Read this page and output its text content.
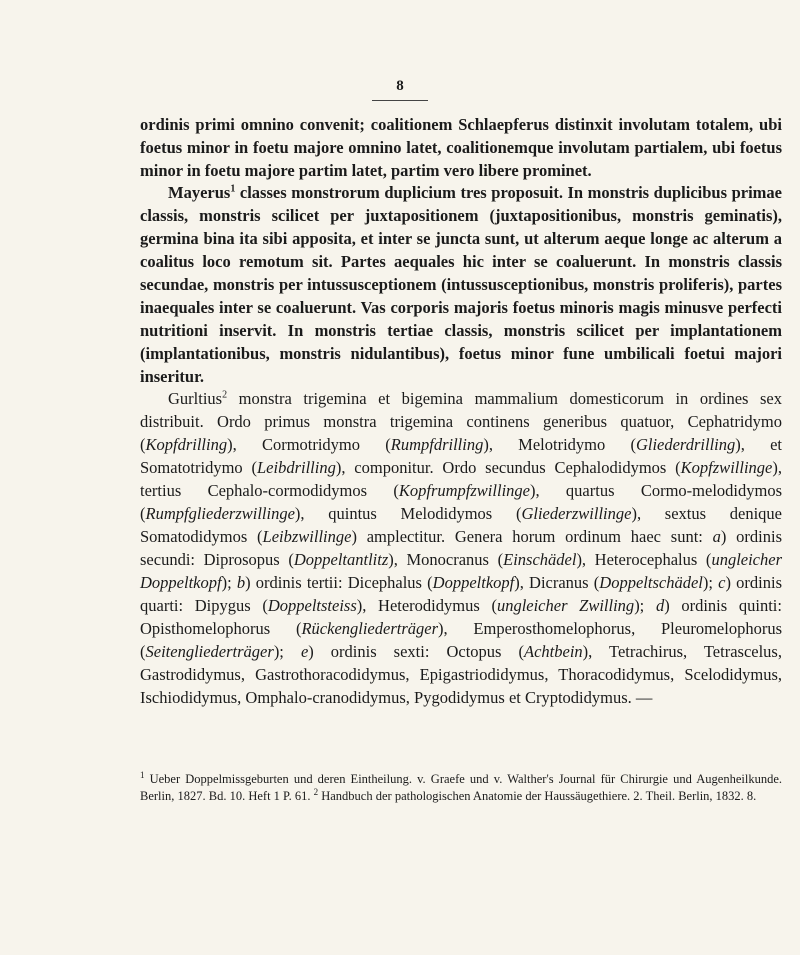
8
ordinis primi omnino convenit; coalitionem Schlaepferus distinxit involutam totalem, ubi foetus minor in foetu majore omnino latet, coalitionemque involutam partialem, ubi foetus minor in foetu majore partim latet, partim vero libere prominet.
Mayerus$^1$ classes monstrorum duplicium tres proposuit. In monstris duplicibus primae classis, monstris scilicet per juxtapositionem (juxtapositionibus, monstris geminatis), germina bina ita sibi apposita, et inter se juncta sunt, ut alterum aeque longe ac alterum a coalitus loco remotum sit. Partes aequales hic inter se coaluerunt. In monstris classis secundae, monstris per intussusceptionem (intussusceptionibus, monstris proliferis), partes inaequales inter se coaluerunt. Vas corporis majoris foetus minoris magis minusve perfecti nutritioni inservit. In monstris tertiae classis, monstris scilicet per implantationem (implantationibus, monstris nidulantibus), foetus minor fune umbilicali foetui majori inseritur.
Gurltius$^2$ monstra trigemina et bigemina mammalium domesticorum in ordines sex distribuit. Ordo primus monstra trigemina continens generibus quatuor, Cephatridymo (Kopfdrilling), Cormotridymo (Rumpfdrilling), Melotridymo (Gliederdrilling), et Somatotridymo (Leibdrilling), componitur. Ordo secundus Cephalodidymos (Kopfzwillinge), tertius Cephalo-cormodidymos (Kopfrumpfzwillinge), quartus Cormo-melodidymos (Rumpfgliederzwillinge), quintus Melodidymos (Gliederzwillinge), sextus denique Somatodidymos (Leibzwillinge) amplectitur. Genera horum ordinum haec sunt: a) ordinis secundi: Diprosopus (Doppeltantlitz), Monocranus (Einschädel), Heterocephalus (ungleicher Doppeltkopf); b) ordinis tertii: Dicephalus (Doppeltkopf), Dicranus (Doppeltschädel); c) ordinis quarti: Dipygus (Doppeltsteiss), Heterodidymus (ungleicher Zwilling); d) ordinis quinti: Opisthomelophorus (Rückengliederträger), Emperosthomelophorus, Pleuromelophorus (Seitengliederträger); e) ordinis sexti: Octopus (Achtbein), Tetrachirus, Tetrascelus, Gastrodidymus, Gastrothoracodidymus, Epigastriodidymus, Thoracodidymus, Scelodidymus, Ischiodidymus, Omphalo-cranodidymus, Pygodidymus et Cryptodidymus. —
$^1$ Ueber Doppelmissgeburten und deren Eintheilung. v. Graefe und v. Walther's Journal für Chirurgie und Augenheilkunde. Berlin, 1827. Bd. 10. Heft 1 P. 61. $^2$ Handbuch der pathologischen Anatomie der Haussäugethiere. 2. Theil. Berlin, 1832. 8.
